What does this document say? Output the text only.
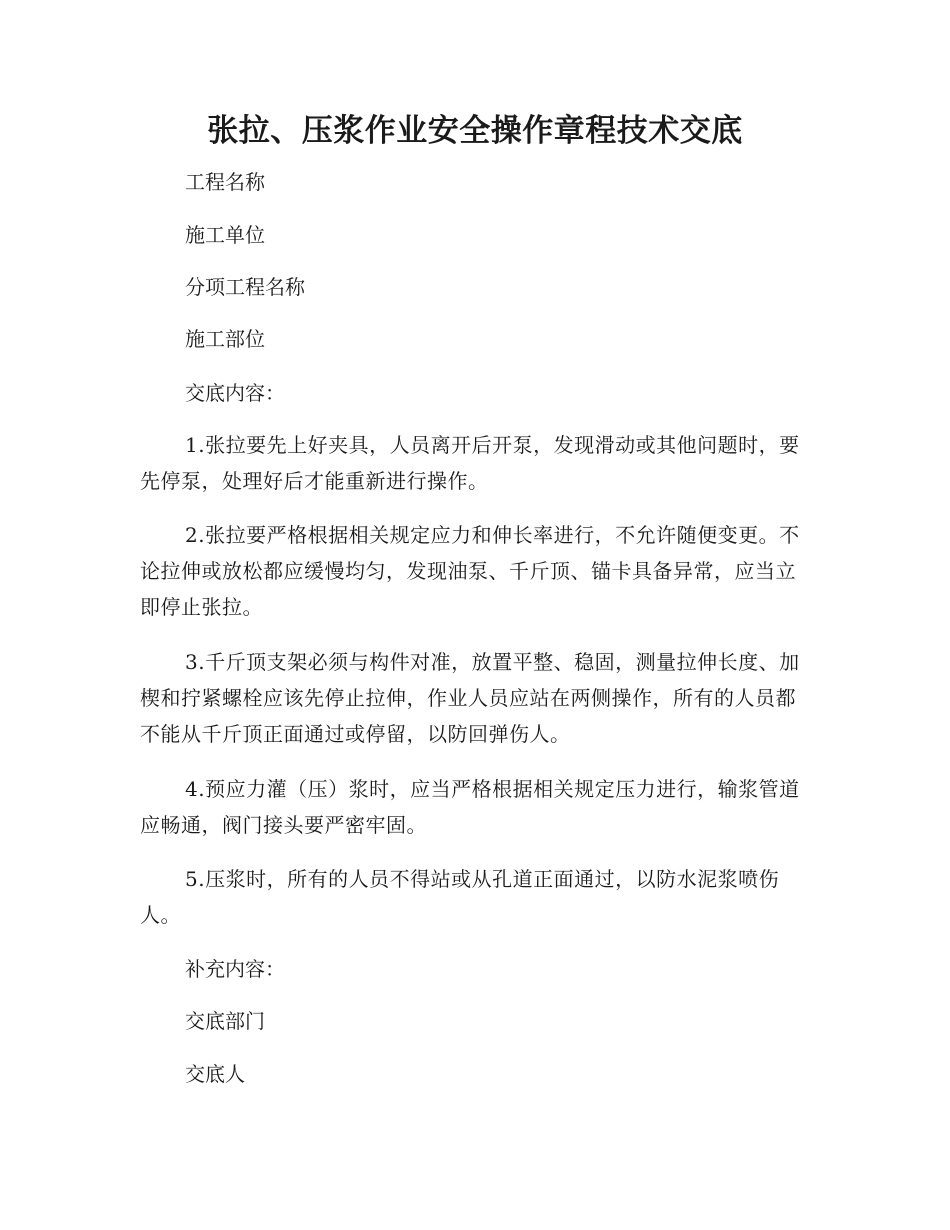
张拉、压浆作业安全操作章程技术交底

工程名称

施工单位

分项工程名称

施工部位

交底内容：

1.张拉要先上好夹具，人员离开后开泵，发现滑动或其他问题时，要先停泵，处理好后才能重新进行操作。

2.张拉要严格根据相关规定应力和伸长率进行，不允许随便变更。不论拉伸或放松都应缓慢均匀，发现油泵、千斤顶、锚卡具备异常，应当立即停止张拉。

3.千斤顶支架必须与构件对准，放置平整、稳固，测量拉伸长度、加楔和拧紧螺栓应该先停止拉伸，作业人员应站在两侧操作，所有的人员都不能从千斤顶正面通过或停留，以防回弹伤人。

4.预应力灌（压）浆时，应当严格根据相关规定压力进行，输浆管道应畅通，阀门接头要严密牢固。

5.压浆时，所有的人员不得站或从孔道正面通过，以防水泥浆喷伤人。

补充内容：

交底部门

交底人
